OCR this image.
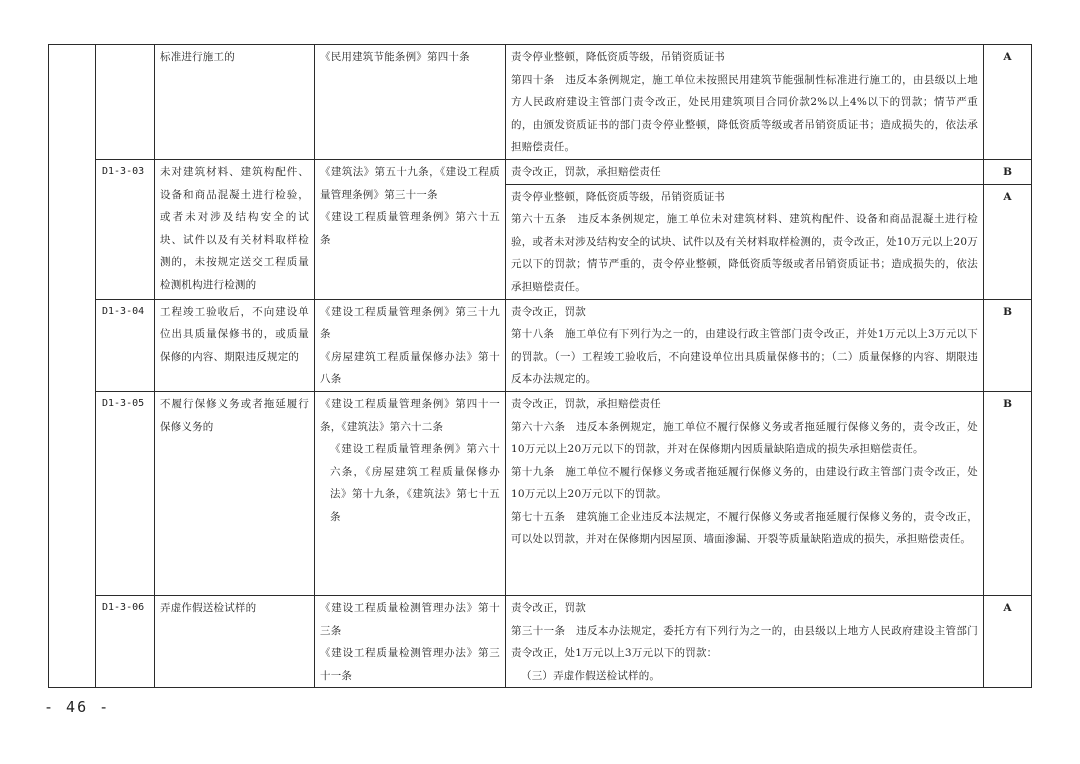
		标准进行施工的	《民用建筑节能条例》第四十条	责令停业整顿，降低资质等级，吊销资质证书
第四十条　违反本条例规定，施工单位未按照民用建筑节能强制性标准进行施工的，由县级以上地方人民政府建设主管部门责令改正，处民用建筑项目合同价款2%以上4%以下的罚款；情节严重的，由颁发资质证书的部门责令停业整顿，降低资质等级或者吊销资质证书；造成损失的，依法承担赔偿责任。	A

	D1-3-03	未对建筑材料、建筑构配件、设备和商品混凝土进行检验，或者未对涉及结构安全的试块、试件以及有关材料取样检测的，未按规定送交工程质量检测机构进行检测的	《建筑法》第五十九条，《建设工程质量管理条例》第三十一条
《建设工程质量管理条例》第六十五条	责令改正，罚款，承担赔偿责任	B

				责令停业整顿，降低资质等级，吊销资质证书
第六十五条　违反本条例规定，施工单位未对建筑材料、建筑构配件、设备和商品混凝土进行检验，或者未对涉及结构安全的试块、试件以及有关材料取样检测的，责令改正，处10万元以上20万元以下的罚款；情节严重的，责令停业整顿，降低资质等级或者吊销资质证书；造成损失的，依法承担赔偿责任。	A

	D1-3-04	工程竣工验收后，不向建设单位出具质量保修书的，或质量保修的内容、期限违反规定的	《建设工程质量管理条例》第三十九条
《房屋建筑工程质量保修办法》第十八条	责令改正，罚款
第十八条　施工单位有下列行为之一的，由建设行政主管部门责令改正，并处1万元以上3万元以下的罚款。（一）工程竣工验收后，不向建设单位出具质量保修书的；（二）质量保修的内容、期限违反本办法规定的。	B

	D1-3-05	不履行保修义务或者拖延履行保修义务的	《建设工程质量管理条例》第四十一条，《建筑法》第六十二条
《建设工程质量管理条例》第六十六条，《房屋建筑工程质量保修办法》第十九条，《建筑法》第七十五条	责令改正，罚款，承担赔偿责任
第六十六条　违反本条例规定，施工单位不履行保修义务或者拖延履行保修义务的，责令改正，处10万元以上20万元以下的罚款，并对在保修期内因质量缺陷造成的损失承担赔偿责任。
第十九条　施工单位不履行保修义务或者拖延履行保修义务的，由建设行政主管部门责令改正，处10万元以上20万元以下的罚款。
第七十五条　建筑施工企业违反本法规定，不履行保修义务或者拖延履行保修义务的，责令改正，可以处以罚款，并对在保修期内因屋顶、墙面渗漏、开裂等质量缺陷造成的损失，承担赔偿责任。	B

	D1-3-06	弄虚作假送检试样的	《建设工程质量检测管理办法》第十三条
《建设工程质量检测管理办法》第三十一条	责令改正，罚款
第三十一条　违反本办法规定，委托方有下列行为之一的，由县级以上地方人民政府建设主管部门责令改正，处1万元以上3万元以下的罚款：
（三）弄虚作假送检试样的。	A
- 46 -
